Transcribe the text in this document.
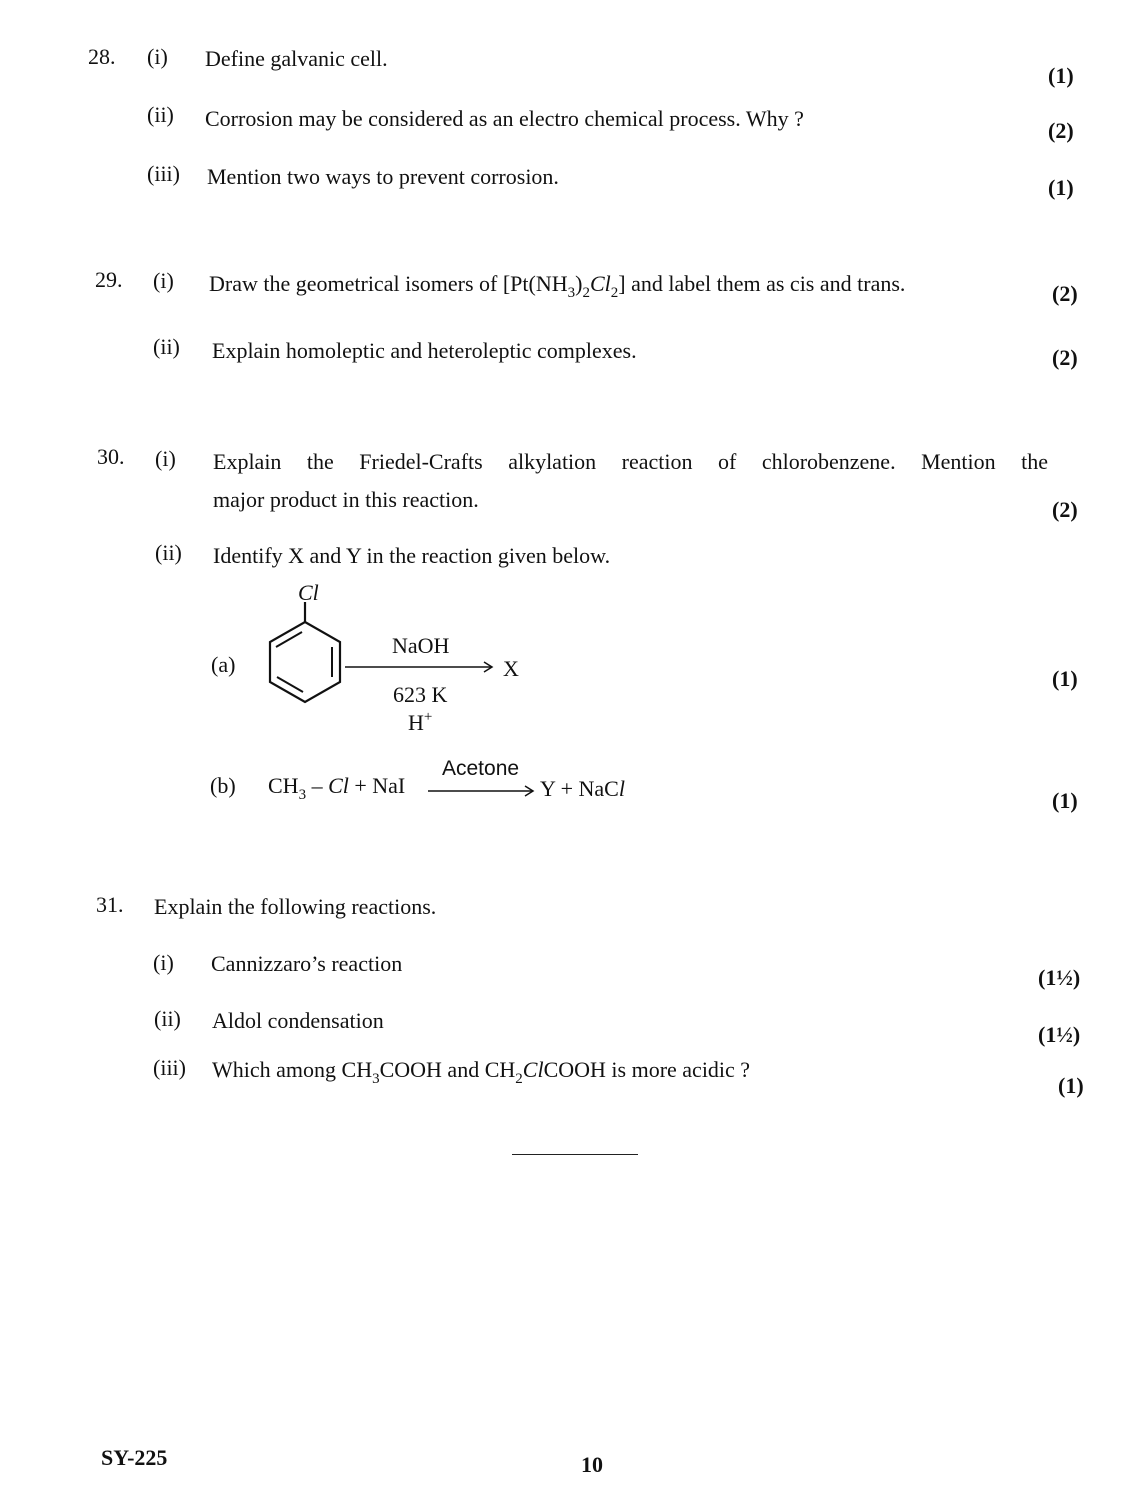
28. (i) Define galvanic cell.
(1)
(ii) Corrosion may be considered as an electro chemical process. Why ?	(2)
(iii) Mention two ways to prevent corrosion.	(1)
29. (i) Draw the geometrical isomers of $[Pt(NH_3)_2Cl_2]$ and label them as cis and trans.	(2)
(ii) Explain homoleptic and heteroleptic complexes.	(2)
30. (i) Explain the Friedel-Crafts alkylation reaction of chlorobenzene. Mention the
major product in this reaction.	(2)
(ii) Identify X and Y in the reaction given below.
(a)
Cl
NaOH
X
623 K
H+
(1)
(b) $CH_3$ – Cl + NaI
Acetone
Y + NaCl	(1)
31. Explain the following reactions.
(i) Cannizzaro’s reaction
(1½)
(ii) Aldol condensation
(1½)
(iii) Which among $CH_3COOH$ and $CH_2ClCOOH$ is more acidic ?
(1)
SY-225	10
